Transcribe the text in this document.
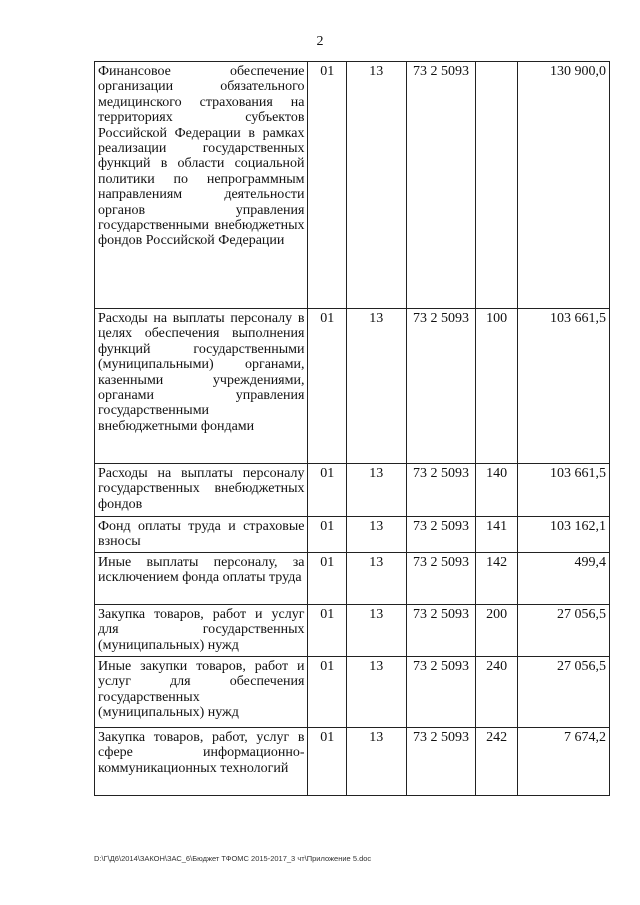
2
Финансовое обеспечение организации обязательного медицинского страхования на территориях субъектов Российской Федерации в рамках реализации государственных функций в области социальной политики по непрограммным направлениям деятельности органов управления государственными внебюджетных фондов Российской Федерации	01	13	73 2 5093		130 900,0
Расходы на выплаты персоналу в целях обеспечения выполнения функций государственными (муниципальными) органами, казенными учреждениями, органами управления государственными внебюджетными фондами	01	13	73 2 5093	100	103 661,5
Расходы на выплаты персоналу государственных внебюджетных фондов	01	13	73 2 5093	140	103 661,5
Фонд оплаты труда и страховые взносы	01	13	73 2 5093	141	103 162,1
Иные выплаты персоналу, за исключением фонда оплаты труда	01	13	73 2 5093	142	499,4
Закупка товаров, работ и услуг для государственных (муниципальных) нужд	01	13	73 2 5093	200	27 056,5
Иные закупки товаров, работ и услуг для обеспечения государственных (муниципальных) нужд	01	13	73 2 5093	240	27 056,5
Закупка товаров, работ, услуг в сфере информационно-коммуникационных технологий	01	13	73 2 5093	242	7 674,2
D:\Г\Д6\2014\ЗАКОН\ЗАС_6\Бюджет ТФОМС 2015-2017_3 чт\Приложение 5.doc
